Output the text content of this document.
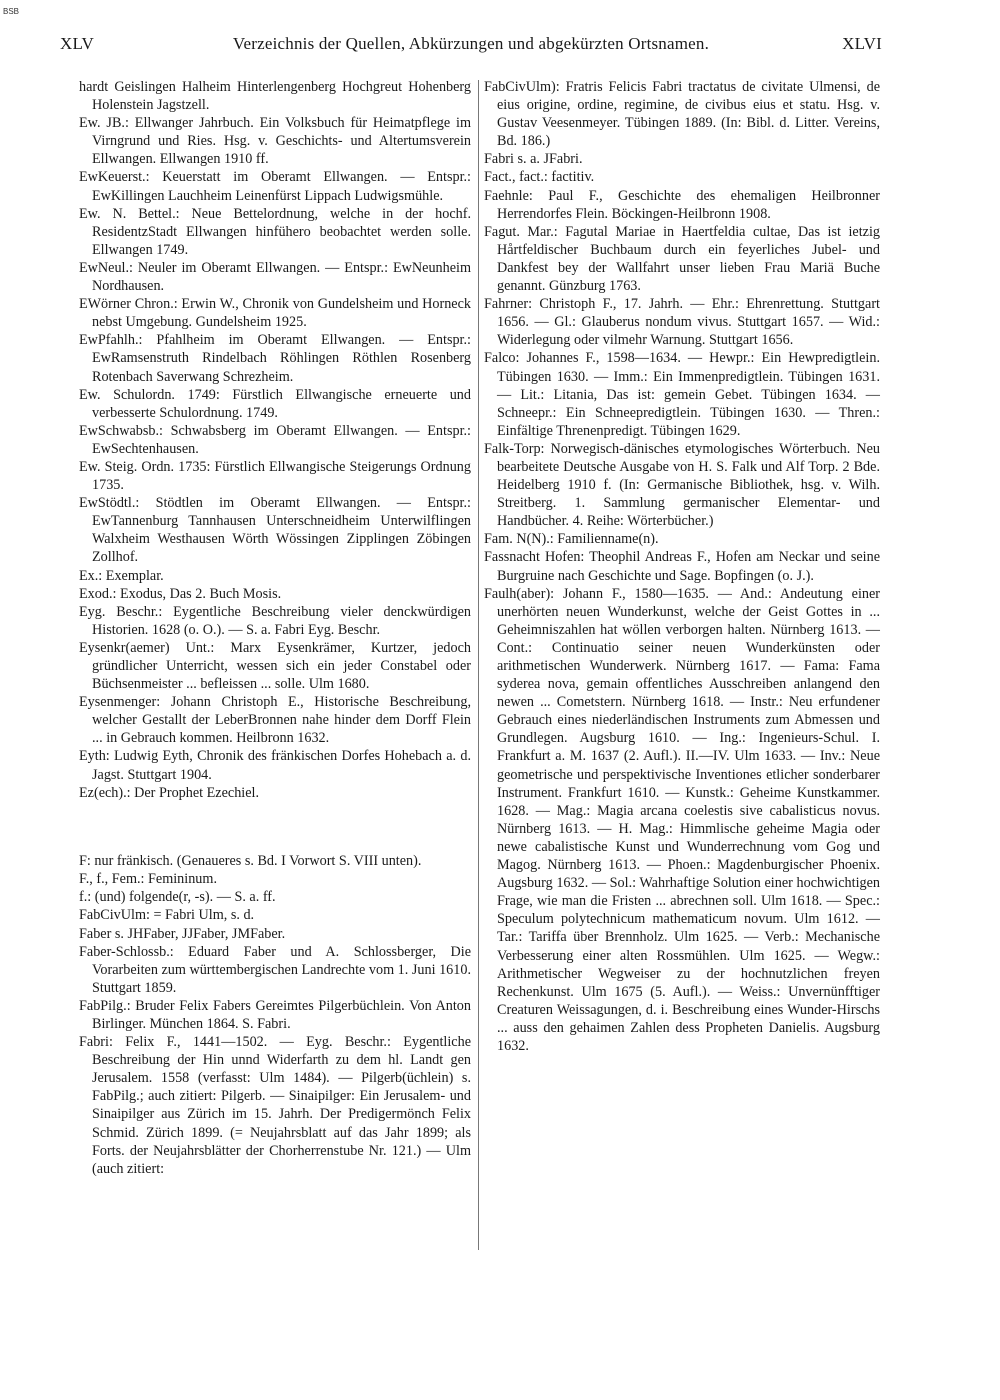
BSB
XLV	Verzeichnis der Quellen, Abkürzungen und abgekürzten Ortsnamen.	XLVI

hardt Geislingen Halheim Hinterlengenberg Hochgreut Hohenberg Holenstein Jagstzell.

Ew. JB.: Ellwanger Jahrbuch. Ein Volksbuch für Heimatpflege im Virngrund und Ries. Hsg. v. Geschichts- und Altertumsverein Ellwangen. Ellwangen 1910 ff.

EwKeuerst.: Keuerstatt im Oberamt Ellwangen. — Entspr.: EwKillingen Lauchheim Leinenfürst Lippach Ludwigsmühle.

Ew. N. Bettel.: Neue Bettelordnung, welche in der hochf. ResidentzStadt Ellwangen hinfühero beobachtet werden solle. Ellwangen 1749.

EwNeul.: Neuler im Oberamt Ellwangen. — Entspr.: EwNeunheim Nordhausen.

EWörner Chron.: Erwin W., Chronik von Gundelsheim und Horneck nebst Umgebung. Gundelsheim 1925.

EwPfahlh.: Pfahlheim im Oberamt Ellwangen. — Entspr.: EwRamsenstruth Rindelbach Röhlingen Röthlen Rosenberg Rotenbach Saverwang Schrezheim.

Ew. Schulordn. 1749: Fürstlich Ellwangische erneuerte und verbesserte Schulordnung. 1749.

EwSchwabsb.: Schwabsberg im Oberamt Ellwangen. — Entspr.: EwSechtenhausen.

Ew. Steig. Ordn. 1735: Fürstlich Ellwangische Steigerungs Ordnung 1735.

EwStödtl.: Stödtlen im Oberamt Ellwangen. — Entspr.: EwTannenburg Tannhausen Unterschneidheim Unterwilflingen Walxheim Westhausen Wörth Wössingen Zipplingen Zöbingen Zollhof.

Ex.: Exemplar.

Exod.: Exodus, Das 2. Buch Mosis.

Eyg. Beschr.: Eygentliche Beschreibung vieler denckwürdigen Historien. 1628 (o. O.). — S. a. Fabri Eyg. Beschr.

Eysenkr(aemer) Unt.: Marx Eysenkrämer, Kurtzer, jedoch gründlicher Unterricht, wessen sich ein jeder Constabel oder Büchsenmeister ... befleissen ... solle. Ulm 1680.

Eysenmenger: Johann Christoph E., Historische Beschreibung, welcher Gestallt der LeberBronnen nahe hinder dem Dorff Flein ... in Gebrauch kommen. Heilbronn 1632.

Eyth: Ludwig Eyth, Chronik des fränkischen Dorfes Hohebach a. d. Jagst. Stuttgart 1904.

Ez(ech).: Der Prophet Ezechiel.

F: nur fränkisch. (Genaueres s. Bd. I Vorwort S. VIII unten).

F., f., Fem.: Femininum.

f.: (und) folgende(r, -s). — S. a. ff.

FabCivUlm: = Fabri Ulm, s. d.

Faber s. JHFaber, JJFaber, JMFaber.

Faber-Schlossb.: Eduard Faber und A. Schlossberger, Die Vorarbeiten zum württembergischen Landrechte vom 1. Juni 1610. Stuttgart 1859.

FabPilg.: Bruder Felix Fabers Gereimtes Pilgerbüchlein. Von Anton Birlinger. München 1864. S. Fabri.

Fabri: Felix F., 1441—1502. — Eyg. Beschr.: Eygentliche Beschreibung der Hin unnd Widerfarth zu dem hl. Landt gen Jerusalem. 1558 (verfasst: Ulm 1484). — Pilgerb(üchlein) s. FabPilg.; auch zitiert: Pilgerb. — Sinaipilger: Ein Jerusalem- und Sinaipilger aus Zürich im 15. Jahrh. Der Predigermönch Felix Schmid. Zürich 1899. (= Neujahrsblatt auf das Jahr 1899; als Forts. der Neujahrsblätter der Chorherrenstube Nr. 121.) — Ulm (auch zitiert:

FabCivUlm): Fratris Felicis Fabri tractatus de civitate Ulmensi, de eius origine, ordine, regimine, de civibus eius et statu. Hsg. v. Gustav Veesenmeyer. Tübingen 1889. (In: Bibl. d. Litter. Vereins, Bd. 186.)

Fabri s. a. JFabri.

Fact., fact.: factitiv.

Faehnle: Paul F., Geschichte des ehemaligen Heilbronner Herrendorfes Flein. Böckingen-Heilbronn 1908.

Fagut. Mar.: Fagutal Mariae in Haertfeldia cultae, Das ist ietzig Hårtfeldischer Buchbaum durch ein feyerliches Jubel- und Dankfest bey der Wallfahrt unser lieben Frau Mariä Buche genannt. Günzburg 1763.

Fahrner: Christoph F., 17. Jahrh. — Ehr.: Ehrenrettung. Stuttgart 1656. — Gl.: Glauberus nondum vivus. Stuttgart 1657. — Wid.: Widerlegung oder vilmehr Warnung. Stuttgart 1656.

Falco: Johannes F., 1598—1634. — Hewpr.: Ein Hewpredigtlein. Tübingen 1630. — Imm.: Ein Immenpredigtlein. Tübingen 1631. — Lit.: Litania, Das ist: gemein Gebet. Tübingen 1634. — Schneepr.: Ein Schneepredigtlein. Tübingen 1630. — Thren.: Einfältige Threnenpredigt. Tübingen 1629.

Falk-Torp: Norwegisch-dänisches etymologisches Wörterbuch. Neu bearbeitete Deutsche Ausgabe von H. S. Falk und Alf Torp. 2 Bde. Heidelberg 1910 f. (In: Germanische Bibliothek, hsg. v. Wilh. Streitberg. 1. Sammlung germanischer Elementar- und Handbücher. 4. Reihe: Wörterbücher.)

Fam. N(N).: Familienname(n).

Fassnacht Hofen: Theophil Andreas F., Hofen am Neckar und seine Burgruine nach Geschichte und Sage. Bopfingen (o. J.).

Faulh(aber): Johann F., 1580—1635. — And.: Andeutung einer unerhörten neuen Wunderkunst, welche der Geist Gottes in ... Geheimniszahlen hat wöllen verborgen halten. Nürnberg 1613. — Cont.: Continuatio seiner neuen Wunderkünsten oder arithmetischen Wunderwerk. Nürnberg 1617. — Fama: Fama syderea nova, gemain offentliches Ausschreiben anlangend den newen ... Cometstern. Nürnberg 1618. — Instr.: Neu erfundener Gebrauch eines niederländischen Instruments zum Abmessen und Grundlegen. Augsburg 1610. — Ing.: Ingenieurs-Schul. I. Frankfurt a. M. 1637 (2. Aufl.). II.—IV. Ulm 1633. — Inv.: Neue geometrische und perspektivische Inventiones etlicher sonderbarer Instrument. Frankfurt 1610. — Kunstk.: Geheime Kunstkammer. 1628. — Mag.: Magia arcana coelestis sive cabalisticus novus. Nürnberg 1613. — H. Mag.: Himmlische geheime Magia oder newe cabalistische Kunst und Wunderrechnung vom Gog und Magog. Nürnberg 1613. — Phoen.: Magdenburgischer Phoenix. Augsburg 1632. — Sol.: Wahrhaftige Solution einer hochwichtigen Frage, wie man die Fristen ... abrechnen soll. Ulm 1618. — Spec.: Speculum polytechnicum mathematicum novum. Ulm 1612. — Tar.: Tariffa über Brennholz. Ulm 1625. — Verb.: Mechanische Verbesserung einer alten Rossmühlen. Ulm 1625. — Wegw.: Arithmetischer Wegweiser zu der hochnutzlichen freyen Rechenkunst. Ulm 1675 (5. Aufl.). — Weiss.: Unvernünfftiger Creaturen Weissagungen, d. i. Beschreibung eines Wunder-Hirschs ... auss den gehaimen Zahlen dess Propheten Danielis. Augsburg 1632.
